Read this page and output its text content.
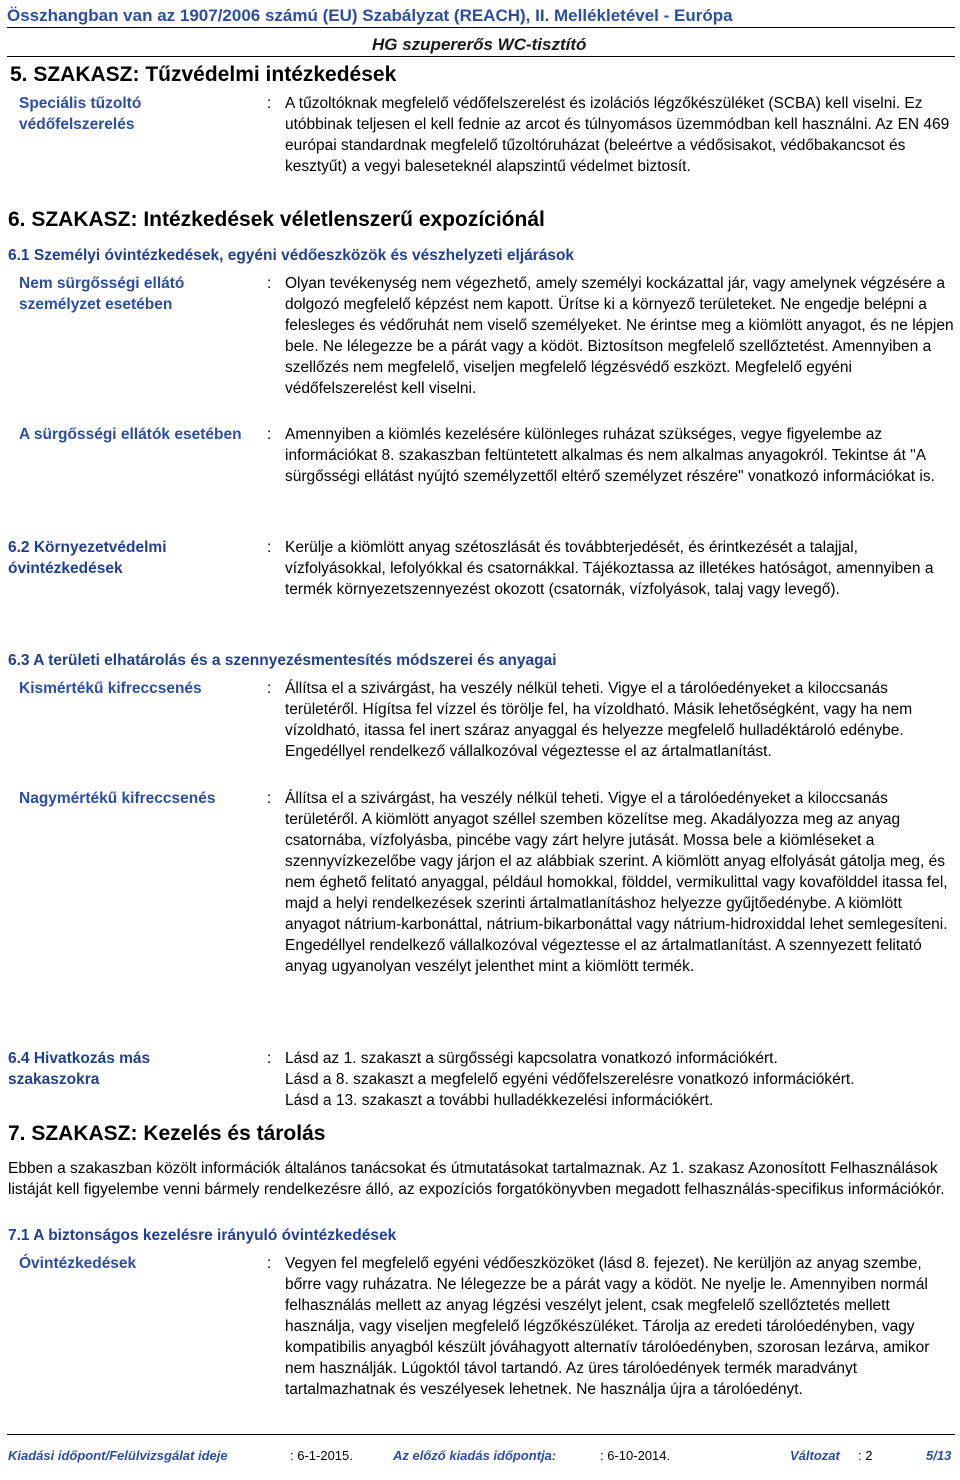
Összhangban van az 1907/2006 számú (EU) Szabályzat (REACH), II. Mellékletével - Európa
HG szupererős WC-tisztító
5. SZAKASZ: Tűzvédelmi intézkedések
Speciális tűzoltó védőfelszerelés
: A tűzoltóknak megfelelő védőfelszerelést és izolációs légzőkészüléket (SCBA) kell viselni. Ez utóbbinak teljesen el kell fednie az arcot és túlnyomásos üzemmódban kell használni. Az EN 469 európai standardnak megfelelő tűzoltóruházat (beleértve a védősisakot, védőbakancsot és kesztyűt) a vegyi baleseteknél alapszintű védelmet biztosít.
6. SZAKASZ: Intézkedések véletlenszerű expozíciónál
6.1 Személyi óvintézkedések, egyéni védőeszközök és vészhelyzeti eljárások
Nem sürgősségi ellátó személyzet esetében
: Olyan tevékenység nem végezhető, amely személyi kockázattal jár, vagy amelynek végzésére a dolgozó megfelelő képzést nem kapott. Ürítse ki a környező területeket. Ne engedje belépni a felesleges és védőruhát nem viselő személyeket. Ne érintse meg a kiömlött anyagot, és ne lépjen bele. Ne lélegezze be a párát vagy a ködöt. Biztosítson megfelelő szellőztetést. Amennyiben a szellőzés nem megfelelő, viseljen megfelelő légzésvédő eszközt. Megfelelő egyéni védőfelszerelést kell viselni.
A sürgősségi ellátók esetében	: Amennyiben a kiömlés kezelésére különleges ruházat szükséges, vegye figyelembe az információkat 8. szakaszban feltüntetett alkalmas és nem alkalmas anyagokról. Tekintse át "A sürgősségi ellátást nyújtó személyzettől eltérő személyzet részére" vonatkozó információkat is.
6.2 Környezetvédelmi óvintézkedések
: Kerülje a kiömlött anyag szétoszlását és továbbterjedését, és érintkezését a talajjal, vízfolyásokkal, lefolyókkal és csatornákkal. Tájékoztassa az illetékes hatóságot, amennyiben a termék környezetszennyezést okozott (csatornák, vízfolyások, talaj vagy levegő).
6.3 A területi elhatárolás és a szennyezésmentesítés módszerei és anyagai
Kismértékű kifreccsenés	: Állítsa el a szivárgást, ha veszély nélkül teheti. Vigye el a tárolóedényeket a kiloccsanás területéről. Hígítsa fel vízzel és törölje fel, ha vízoldható. Másik lehetőségként, vagy ha nem vízoldható, itassa fel inert száraz anyaggal és helyezze megfelelő hulladéktároló edénybe. Engedéllyel rendelkező vállalkozóval végeztesse el az ártalmatlanítást.
Nagymértékű kifreccsenés	: Állítsa el a szivárgást, ha veszély nélkül teheti. Vigye el a tárolóedényeket a kiloccsanás területéről. A kiömlött anyagot széllel szemben közelítse meg. Akadályozza meg az anyag csatornába, vízfolyásba, pincébe vagy zárt helyre jutását. Mossa bele a kiömléseket a szennyvízkezelőbe vagy járjon el az alábbiak szerint. A kiömlött anyag elfolyását gátolja meg, és nem éghető felitató anyaggal, például homokkal, földdel, vermikulittal vagy kovafölddel itassa fel, majd a helyi rendelkezések szerinti ártalmatlanításhoz helyezze gyűjtőedénybe. A kiömlött anyagot nátrium-karbonáttal, nátrium-bikarbonáttal vagy nátrium-hidroxiddal lehet semlegesíteni. Engedéllyel rendelkező vállalkozóval végeztesse el az ártalmatlanítást. A szennyezett felitató anyag ugyanolyan veszélyt jelenthet mint a kiömlött termék.
6.4 Hivatkozás más szakaszokra
: Lásd az 1. szakaszt a sürgősségi kapcsolatra vonatkozó információkért.
Lásd a 8. szakaszt a megfelelő egyéni védőfelszerelésre vonatkozó információkért.
Lásd a 13. szakaszt a további hulladékkezelési információkért.
7. SZAKASZ: Kezelés és tárolás
Ebben a szakaszban közölt információk általános tanácsokat és útmutatásokat tartalmaznak. Az 1. szakasz Azonosított Felhasználások listáját kell figyelembe venni bármely rendelkezésre álló, az expozíciós forgatókönyvben megadott felhasználás-specifikus információkór.
7.1 A biztonságos kezelésre irányuló óvintézkedések
Óvintézkedések	: Vegyen fel megfelelő egyéni védőeszközöket (lásd 8. fejezet). Ne kerüljön az anyag szembe, bőrre vagy ruházatra. Ne lélegezze be a párát vagy a ködöt. Ne nyelje le. Amennyiben normál felhasználás mellett az anyag légzési veszélyt jelent, csak megfelelő szellőztetés mellett használja, vagy viseljen megfelelő légzőkészüléket. Tárolja az eredeti tárolóedényben, vagy kompatibilis anyagból készült jóváhagyott alternatív tárolóedényben, szorosan lezárva, amikor nem használják. Lúgoktól távol tartandó. Az üres tárolóedények termék maradványt tartalmazhatnak és veszélyesek lehetnek. Ne használja újra a tárolóedényt.
Kiadási időpont/Felülvizsgálat ideje	: 6-1-2015.	Az előző kiadás időpontja:	: 6-10-2014.	Változat : 2	5/13
